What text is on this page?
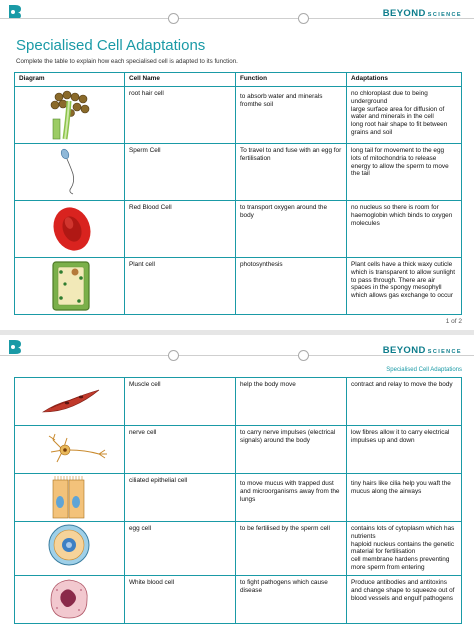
BEYOND SCIENCE
Specialised Cell Adaptations

Complete the table to explain how each specialised cell is adapted to its function.

Diagram	Cell Name	Function	Adaptations

	root hair cell	to absorb water and minerals fromthe soil	no chloroplast due to being underground
large surface area for diffusion of water and minerals in the cell
long root hair shape to fit between grains and soil

	Sperm Cell	To travel to and fuse with an egg for fertilisation	long tail for movement to the egg
lots of mitochondria to release energy to allow the sperm to move the tail

	Red Blood Cell	to transport oxygen around the body	no nucleus so there is room for haemoglobin which binds to oxygen molecules

	Plant cell	photosynthesis	Plant cells have a thick waxy cuticle which is transparent to allow sunlight to pass through. There are air spaces in the spongy mesophyll which allows gas exchange to occur
1 of 2
BEYOND SCIENCE
Specialised Cell Adaptations
	Muscle cell	help the body move	contract and relay to move the body

	nerve cell	to carry nerve impulses (electrical signals) around the body	low fibres allow it to carry electrical impulses up and down

	ciliated epithelial cell	to move mucus with trapped dust and microorganisms away from the lungs	tiny hairs like cilia help you waft the mucus along the airways

	egg cell	to be fertilised by the sperm cell	contains lots of cytoplasm which has nutrients
haploid nucleus contains the genetic material for fertilisation
cell membrane hardens preventing more sperm from entering

	White blood cell	to fight pathogens which cause disease	Produce antibodies and antitoxins and change shape to squeeze out of blood vessels and engulf pathogens
